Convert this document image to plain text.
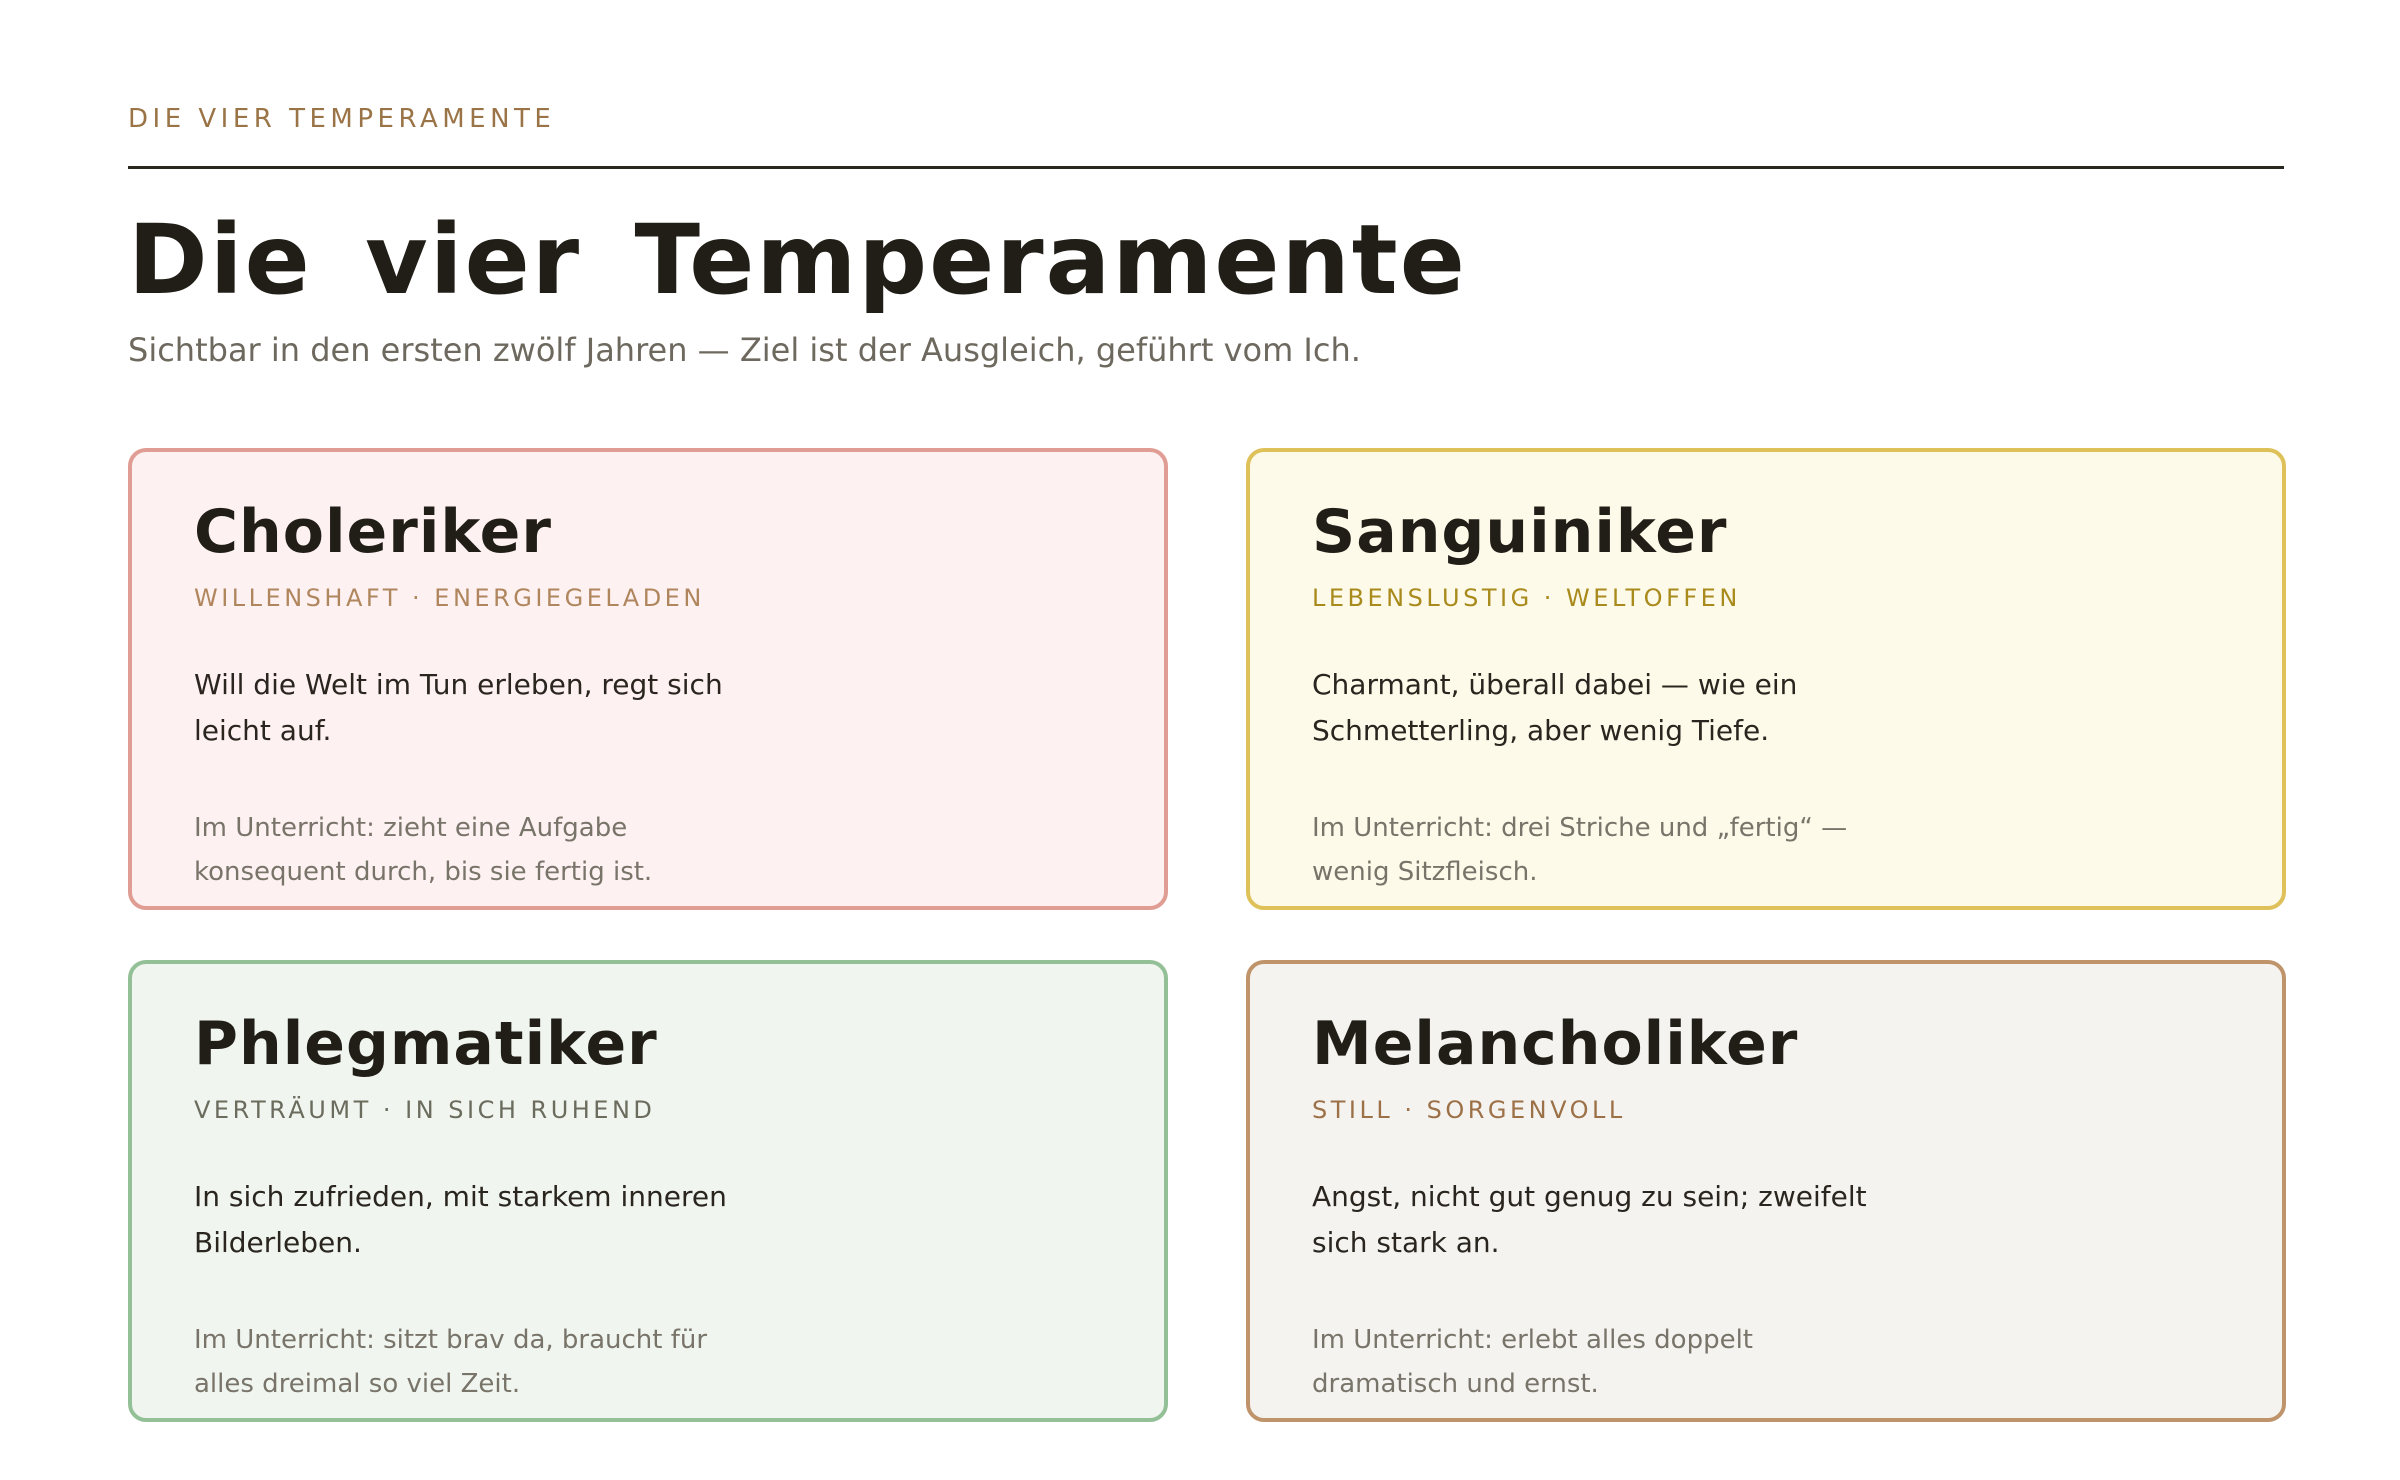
DIE VIER TEMPERAMENTE
Die vier Temperamente
Sichtbar in den ersten zwölf Jahren — Ziel ist der Ausgleich, geführt vom Ich.
Choleriker
WILLENSHAFT · ENERGIEGELADEN
Will die Welt im Tun erleben, regt sich leicht auf.
Im Unterricht: zieht eine Aufgabe konsequent durch, bis sie fertig ist.
Sanguiniker
LEBENSLUSTIG · WELTOFFEN
Charmant, überall dabei — wie ein Schmetterling, aber wenig Tiefe.
Im Unterricht: drei Striche und „fertig“ — wenig Sitzfleisch.
Phlegmatiker
VERTRÄUMT · IN SICH RUHEND
In sich zufrieden, mit starkem inneren Bilderleben.
Im Unterricht: sitzt brav da, braucht für alles dreimal so viel Zeit.
Melancholiker
STILL · SORGENVOLL
Angst, nicht gut genug zu sein; zweifelt sich stark an.
Im Unterricht: erlebt alles doppelt dramatisch und ernst.
